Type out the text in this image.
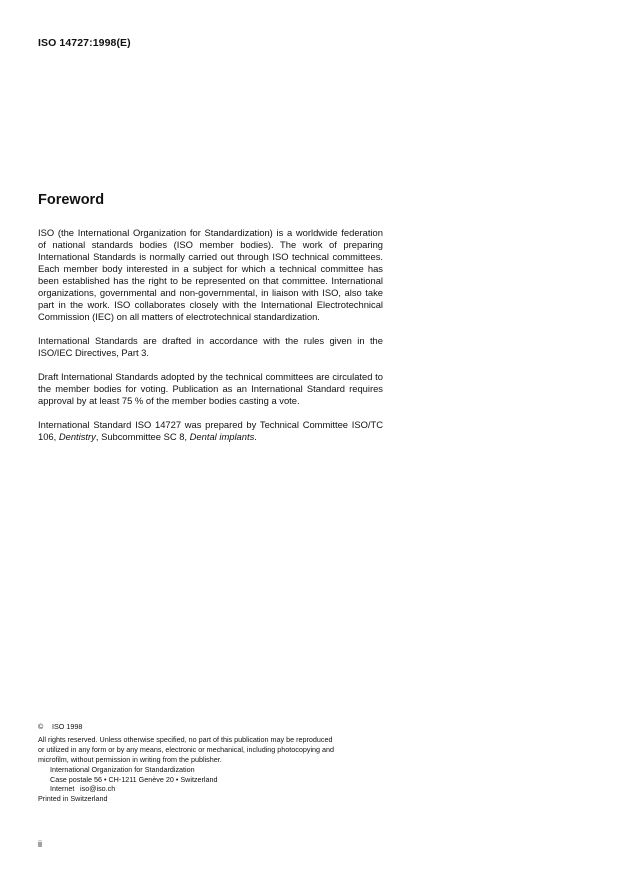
ISO 14727:1998(E)
Foreword

ISO (the International Organization for Standardization) is a worldwide federation of national standards bodies (ISO member bodies). The work of preparing International Standards is normally carried out through ISO technical committees. Each member body interested in a subject for which a technical committee has been established has the right to be represented on that committee. International organizations, governmental and non-governmental, in liaison with ISO, also take part in the work. ISO collaborates closely with the International Electrotechnical Commission (IEC) on all matters of electrotechnical standardization.

International Standards are drafted in accordance with the rules given in the ISO/IEC Directives, Part 3.

Draft International Standards adopted by the technical committees are circulated to the member bodies for voting. Publication as an International Standard requires approval by at least 75 % of the member bodies casting a vote.

International Standard ISO 14727 was prepared by Technical Committee ISO/TC 106, Dentistry, Subcommittee SC 8, Dental implants.

© ISO 1998
All rights reserved. Unless otherwise specified, no part of this publication may be reproduced
or utilized in any form or by any means, electronic or mechanical, including photocopying and
microfilm, without permission in writing from the publisher.
International Organization for Standardization
Case postale 56 • CH-1211 Genève 20 • Switzerland
Internet iso@iso.ch
Printed in Switzerland
ii
